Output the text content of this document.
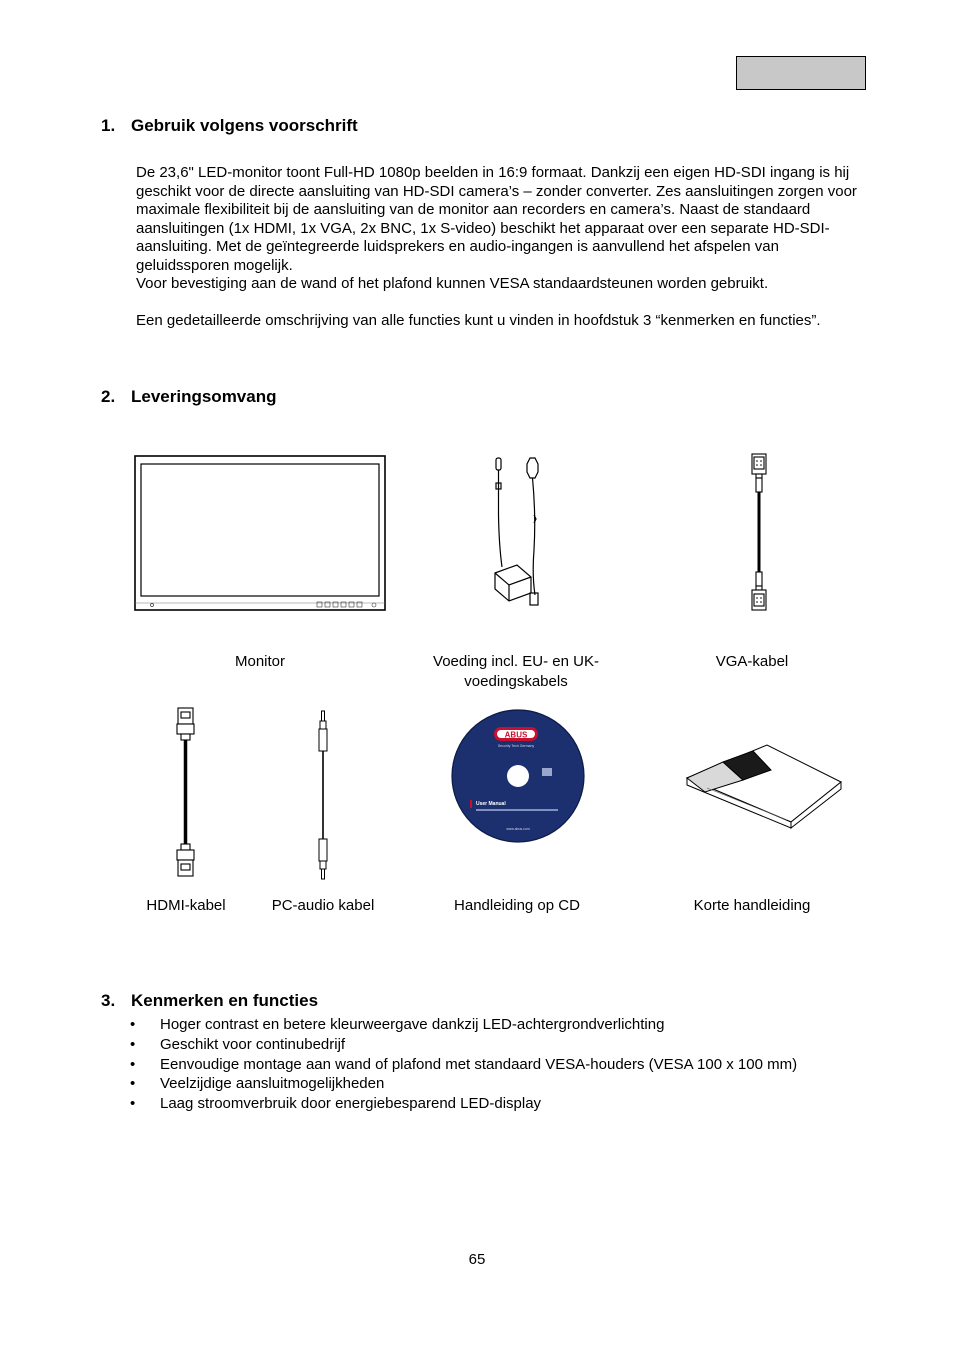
1. Gebruik volgens voorschrift

De 23,6" LED-monitor toont Full-HD 1080p beelden in 16:9 formaat. Dankzij een eigen HD-SDI ingang is hij geschikt voor de directe aansluiting van HD-SDI camera’s – zonder converter. Zes aansluitingen zorgen voor maximale flexibiliteit bij de aansluiting van de monitor aan recorders en camera’s. Naast de standaard aansluitingen (1x HDMI, 1x VGA, 2x BNC, 1x S-video) beschikt het apparaat over een separate HD-SDI-aansluiting. Met de geïntegreerde luidsprekers en audio-ingangen is aanvullend het afspelen van geluidssporen mogelijk.

Voor bevestiging aan de wand of het plafond kunnen VESA standaardsteunen worden gebruikt.

Een gedetailleerde omschrijving van alle functies kunt u vinden in hoofdstuk 3 “kenmerken en functies”.

2. Leveringsomvang
Monitor	Voeding incl. EU- en UK-voedingskabels
VGA-kabel
ABUS
Security Tech Germany
User Manual
www.abus.com
HDMI-kabel	PC-audio kabel	Handleiding op CD	Korte handleiding
3. Kenmerken en functies
• Hoger contrast en betere kleurweergave dankzij LED-achtergrondverlichting
• Geschikt voor continubedrijf
• Eenvoudige montage aan wand of plafond met standaard VESA-houders (VESA 100 x 100 mm)
• Veelzijdige aansluitmogelijkheden
• Laag stroomverbruik door energiebesparend LED-display
65
